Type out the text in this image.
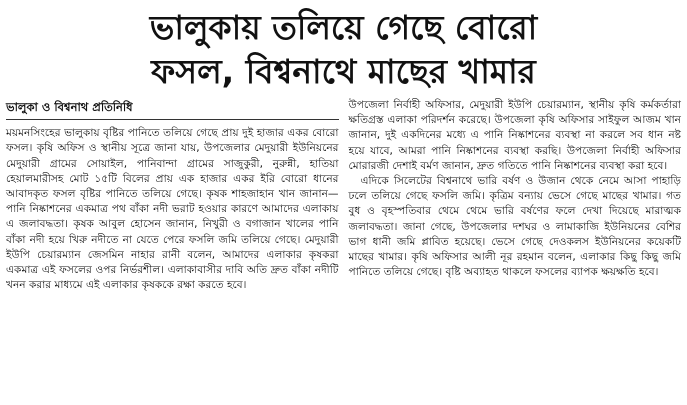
ভালুকায় তলিয়ে গেছে বোরো
ফসল, বিশ্বনাথে মাছের খামার
ভালুকা ও বিশ্বনাথ প্রতিনিধি

ময়মনসিংহের ভালুকায় বৃষ্টির পানিতে তলিয়ে গেছে প্রায় দুই হাজার একর বোরো ফসল। কৃষি অফিস ও স্থানীয় সূত্রে জানা যায়, উপজেলার মেদুয়ারী ইউনিয়নের মেদুয়ারী গ্রামের সোয়াইল, পানিবান্দা গ্রামের সাজুকুরী, নুরুন্নী, হাতিয়া হেয়ালমারীসহ মোট ১৫টি বিলের প্রায় এক হাজার একর ইরি বোরো ধানের আবাদকৃত ফসল বৃষ্টির পানিতে তলিয়ে গেছে। কৃষক শাহজাহান খান জানান—পানি নিষ্কাশনের একমাত্র পথ বাঁকা নদী ভরাট হওয়ার কারণে আমাদের এলাকায় এ জলাবদ্ধতা। কৃষক আবুল হোসেন জানান, নিখুরী ও বগাজান খালের পানি বাঁকা নদী হয়ে খিরু নদীতে না যেতে পেরে ফসলি জমি তলিয়ে গেছে। মেদুয়ারী ইউপি চেয়ারম্যান জেসমিন নাহার রানী বলেন, আমাদের এলাকার কৃষকরা একমাত্র এই ফসলের ওপর নির্ভরশীল। এলাকাবাসীর দাবি অতি দ্রুত বাঁকা নদীটি খনন করার মাধ্যমে এই এলাকার কৃষককে রক্ষা করতে হবে।

উপজেলা নির্বাহী অফিসার, মেদুয়ারী ইউপি চেয়ারম্যান, স্থানীয় কৃষি কর্মকর্তারা ক্ষতিগ্রস্ত এলাকা পরিদর্শন করেছে। উপজেলা কৃষি অফিসার সাইফুল আজম খান জানান, দুই একদিনের মধ্যে এ পানি নিষ্কাশনের ব্যবস্থা না করলে সব ধান নষ্ট হয়ে যাবে, আমরা পানি নিষ্কাশনের ব্যবস্থা করছি। উপজেলা নির্বাহী অফিসার মোরারজী দেশাই বর্মণ জানান, দ্রুত গতিতে পানি নিষ্কাশনের ব্যবস্থা করা হবে।

এদিকে সিলেটের বিশ্বনাথে ভারি বর্ষণ ও উজান থেকে নেমে আসা পাহাড়ি ঢলে তলিয়ে গেছে ফসলি জমি। কৃত্রিম বন্যায় ভেসে গেছে মাছের খামার। গত বুধ ও বৃহস্পতিবার থেমে থেমে ভারি বর্ষণের ফলে দেখা দিয়েছে মারাত্মক জলাবদ্ধতা। জানা গেছে, উপজেলার দশঘর ও লামাকাজি ইউনিয়নের বেশির ভাগ ধানী জমি প্লাবিত হয়েছে। ভেসে গেছে দেওকলস ইউনিয়নের কয়েকটি মাছের খামার। কৃষি অফিসার আলী নূর রহমান বলেন, এলাকার কিছু কিছু জমি পানিতে তলিয়ে গেছে। বৃষ্টি অব্যাহত থাকলে ফসলের ব্যাপক ক্ষয়ক্ষতি হবে।
